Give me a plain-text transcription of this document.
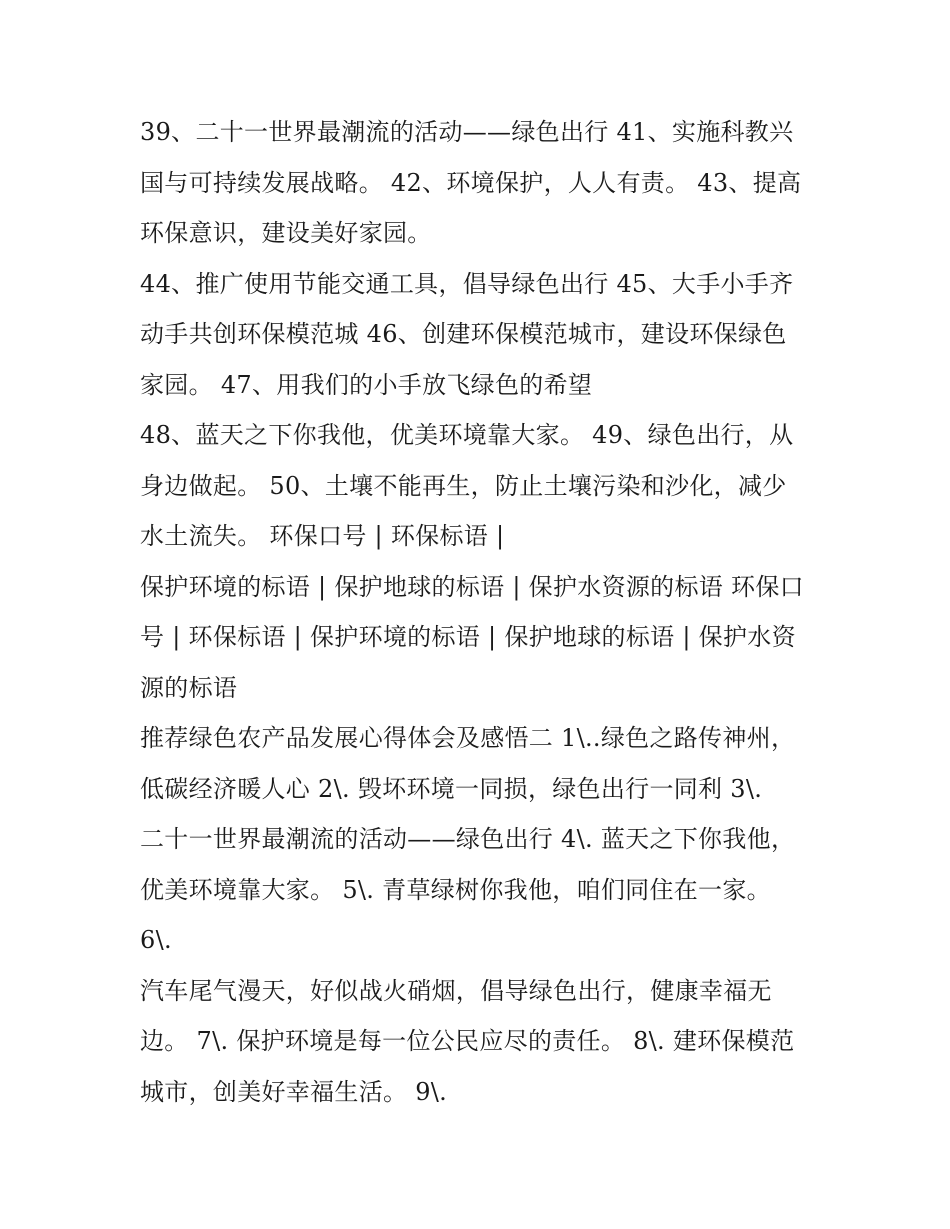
39、二十一世界最潮流的活动——绿色出行 41、实施科教兴
国与可持续发展战略。 42、环境保护，人人有责。 43、提高
环保意识，建设美好家园。
44、推广使用节能交通工具，倡导绿色出行 45、大手小手齐
动手共创环保模范城 46、创建环保模范城市，建设环保绿色
家园。 47、用我们的小手放飞绿色的希望
48、蓝天之下你我他，优美环境靠大家。 49、绿色出行，从
身边做起。 50、土壤不能再生，防止土壤污染和沙化，减少
水土流失。 环保口号 | 环保标语 |
保护环境的标语 | 保护地球的标语 | 保护水资源的标语 环保口
号 | 环保标语 | 保护环境的标语 | 保护地球的标语 | 保护水资
源的标语
推荐绿色农产品发展心得体会及感悟二 1\..绿色之路传神州，
低碳经济暖人心 2\. 毁坏环境一同损，绿色出行一同利 3\.
二十一世界最潮流的活动——绿色出行 4\. 蓝天之下你我他，
优美环境靠大家。 5\. 青草绿树你我他，咱们同住在一家。
6\.
汽车尾气漫天，好似战火硝烟，倡导绿色出行，健康幸福无
边。 7\. 保护环境是每一位公民应尽的责任。 8\. 建环保模范
城市，创美好幸福生活。 9\.
